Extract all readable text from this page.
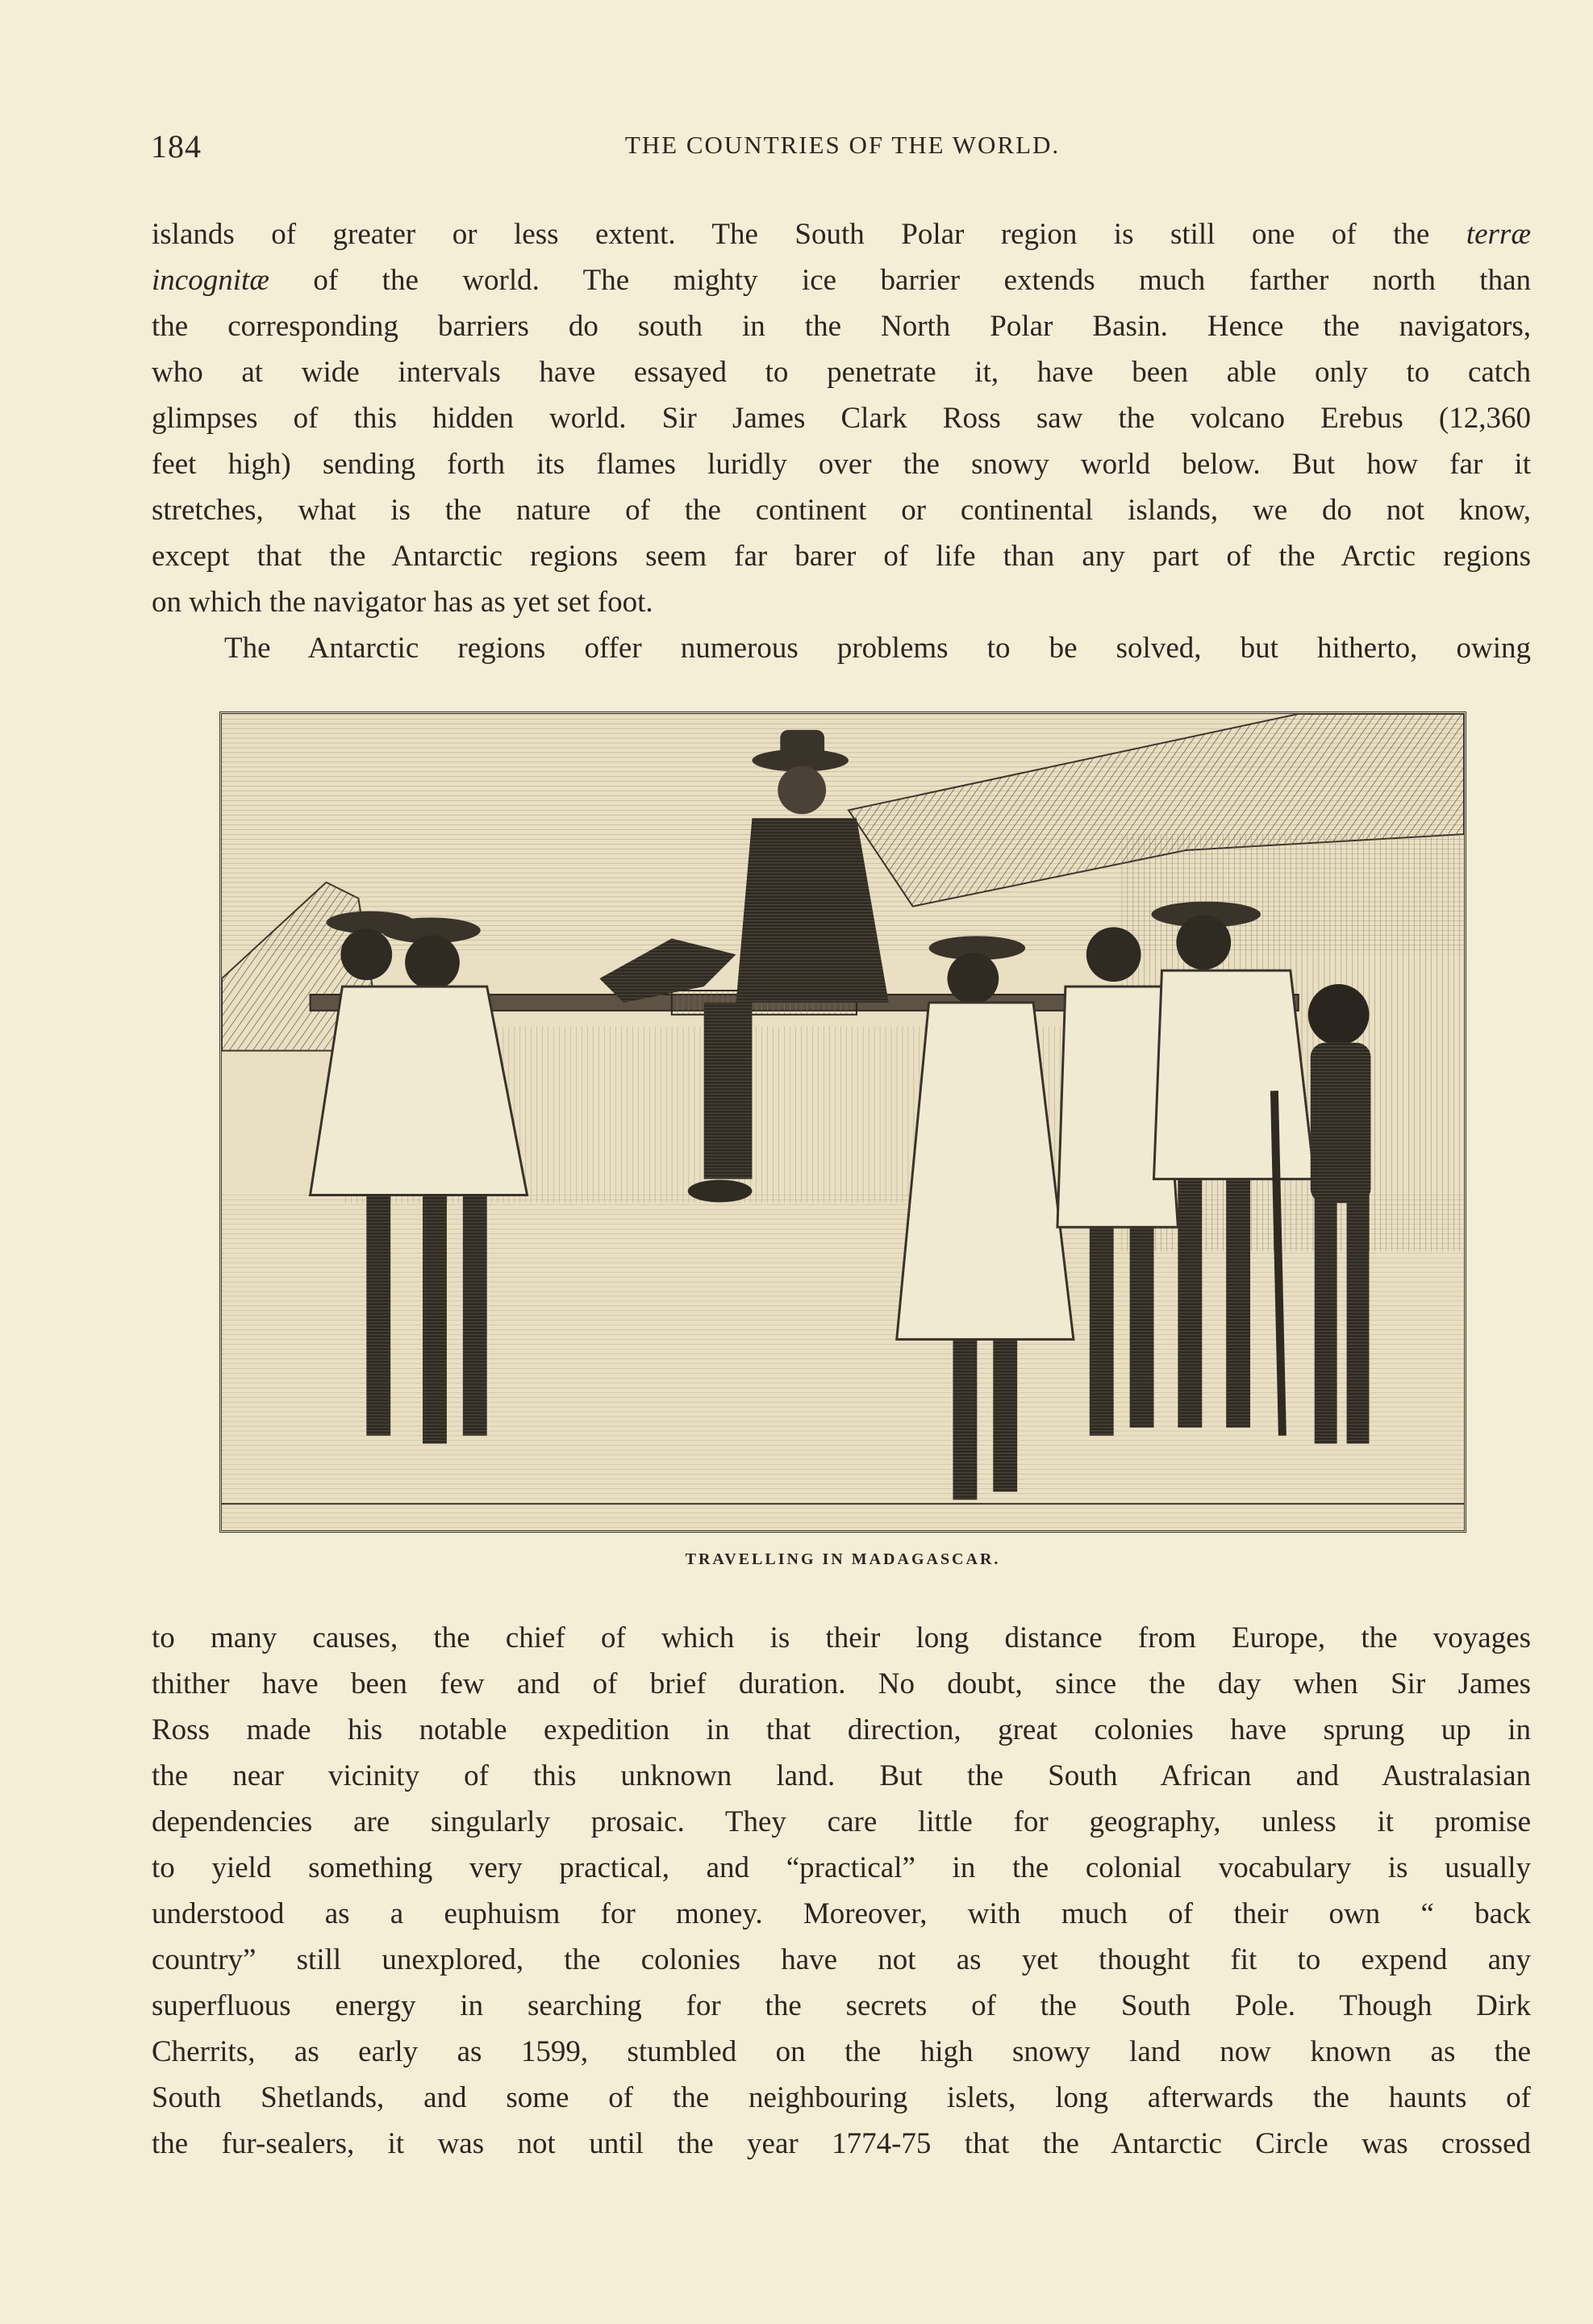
184	THE COUNTRIES OF THE WORLD.
islands of greater or less extent. The South Polar region is still one of the terræ
incognitæ of the world. The mighty ice barrier extends much farther north than
the corresponding barriers do south in the North Polar Basin. Hence the navigators,
who at wide intervals have essayed to penetrate it, have been able only to catch
glimpses of this hidden world. Sir James Clark Ross saw the volcano Erebus (12,360
feet high) sending forth its flames luridly over the snowy world below. But how far it
stretches, what is the nature of the continent or continental islands, we do not know,
except that the Antarctic regions seem far barer of life than any part of the Arctic regions
on which the navigator has as yet set foot.
The Antarctic regions offer numerous problems to be solved, but hitherto, owing
TRAVELLING IN MADAGASCAR.
to many causes, the chief of which is their long distance from Europe, the voyages
thither have been few and of brief duration. No doubt, since the day when Sir James
Ross made his notable expedition in that direction, great colonies have sprung up in
the near vicinity of this unknown land. But the South African and Australasian
dependencies are singularly prosaic. They care little for geography, unless it promise
to yield something very practical, and “practical” in the colonial vocabulary is usually
understood as a euphuism for money. Moreover, with much of their own “ back
country” still unexplored, the colonies have not as yet thought fit to expend any
superfluous energy in searching for the secrets of the South Pole. Though Dirk
Cherrits, as early as 1599, stumbled on the high snowy land now known as the
South Shetlands, and some of the neighbouring islets, long afterwards the haunts of
the fur-sealers, it was not until the year 1774-75 that the Antarctic Circle was crossed
